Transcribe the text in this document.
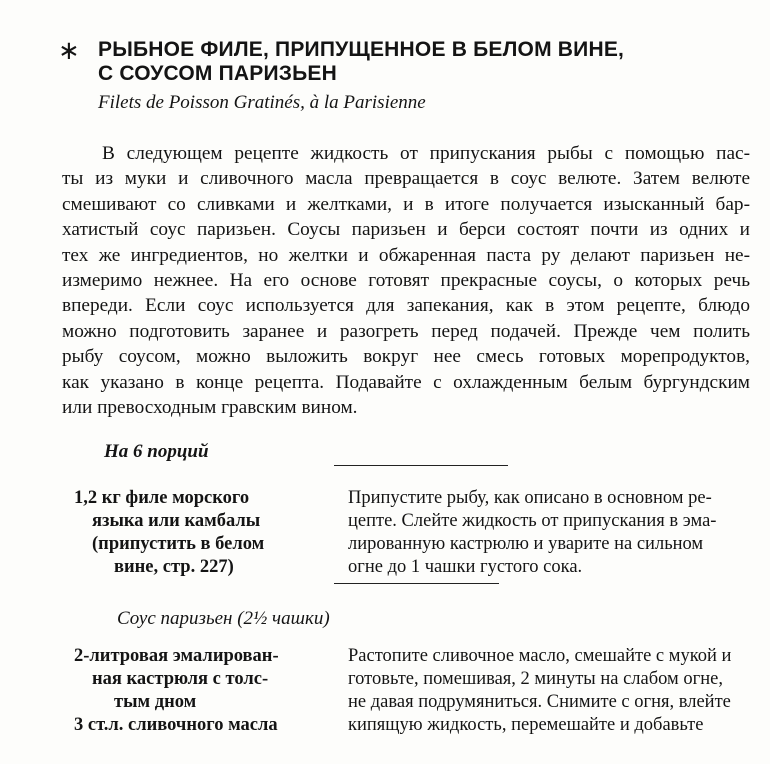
∗ РЫБНОЕ ФИЛЕ, ПРИПУЩЕННОЕ В БЕЛОМ ВИНЕ,
С СОУСОМ ПАРИЗЬЕН
Filets de Poisson Gratinés, à la Parisienne
В следующем рецепте жидкость от припускания рыбы с помощью пас-
ты из муки и сливочного масла превращается в соус велюте. Затем велюте
смешивают со сливками и желтками, и в итоге получается изысканный бар-
хатистый соус паризьен. Соусы паризьен и берси состоят почти из одних и
тех же ингредиентов, но желтки и обжаренная паста ру делают паризьен не-
измеримо нежнее. На его основе готовят прекрасные соусы, о которых речь
впереди. Если соус используется для запекания, как в этом рецепте, блюдо
можно подготовить заранее и разогреть перед подачей. Прежде чем полить
рыбу соусом, можно выложить вокруг нее смесь готовых морепродуктов,
как указано в конце рецепта. Подавайте с охлажденным белым бургундским
или превосходным гравским вином.
На 6 порций
1,2 кг филе морского
языка или камбалы
(припустить в белом
вине, стр. 227)
Припустите рыбу, как описано в основном ре-
цепте. Слейте жидкость от припускания в эма-
лированную кастрюлю и уварите на сильном
огне до 1 чашки густого сока.
Соус паризьен (2½ чашки)
2-литровая эмалирован-
ная кастрюля с толс-
тым дном
3 ст.л. сливочного масла
Растопите сливочное масло, смешайте с мукой и
готовьте, помешивая, 2 минуты на слабом огне,
не давая подрумяниться. Снимите с огня, влейте
кипящую жидкость, перемешайте и добавьте
